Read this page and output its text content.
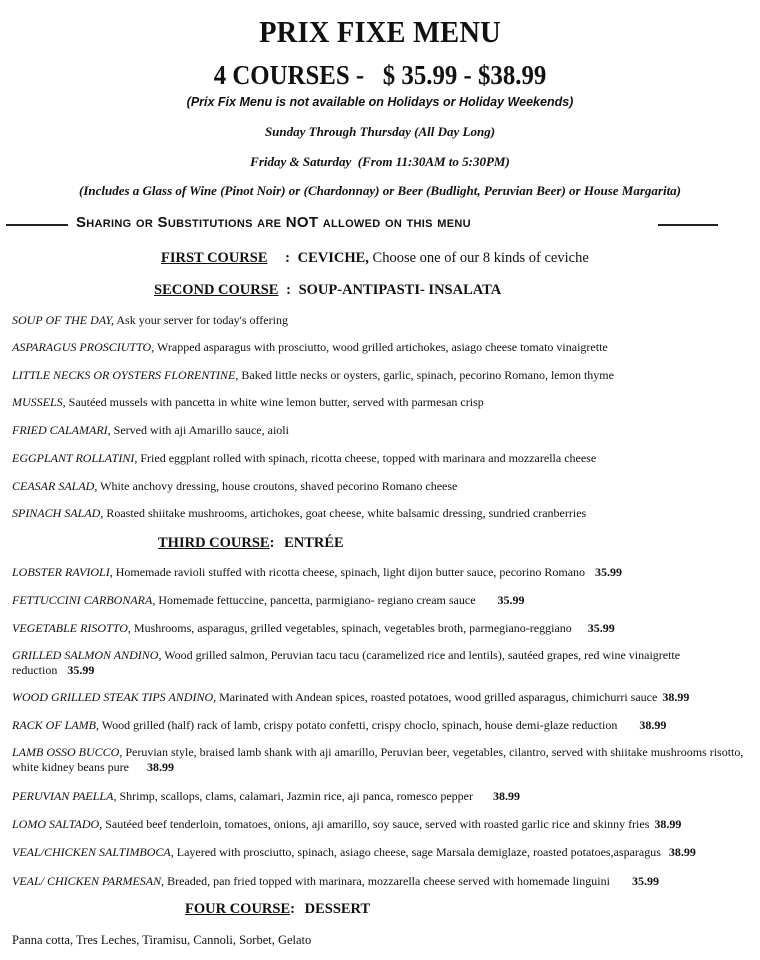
PRIX FIXE MENU
4 COURSES -   $ 35.99 - $38.99
(Prix Fix Menu is not available on Holidays or Holiday Weekends)
Sunday Through Thursday (All Day Long)
Friday & Saturday  (From 11:30AM to 5:30PM)
(Includes a Glass of Wine (Pinot Noir) or (Chardonnay) or Beer (Budlight, Peruvian Beer) or House Margarita)
Sharing or Substitutions are NOT allowed on this menu
FIRST COURSE : CEVICHE, Choose one of our 8 kinds of ceviche
SECOND COURSE : SOUP-ANTIPASTI- INSALATA
SOUP OF THE DAY, Ask your server for today's offering
ASPARAGUS PROSCIUTTO, Wrapped asparagus with prosciutto, wood grilled artichokes, asiago cheese tomato vinaigrette
LITTLE NECKS OR OYSTERS FLORENTINE, Baked little necks or oysters, garlic, spinach, pecorino Romano, lemon thyme
MUSSELS, Sautéed mussels with pancetta in white wine lemon butter, served with parmesan crisp
FRIED CALAMARI, Served with aji Amarillo sauce, aioli
EGGPLANT ROLLATINI, Fried eggplant rolled with spinach, ricotta cheese, topped with marinara and mozzarella cheese
CEASAR SALAD, White anchovy dressing, house croutons, shaved pecorino Romano cheese
SPINACH SALAD, Roasted shiitake mushrooms, artichokes, goat cheese, white balsamic dressing, sundried cranberries
THIRD COURSE: ENTRÉE
LOBSTER RAVIOLI, Homemade ravioli stuffed with ricotta cheese, spinach, light dijon butter sauce, pecorino Romano 35.99
FETTUCCINI CARBONARA, Homemade fettuccine, pancetta, parmigiano- regiano cream sauce 35.99
VEGETABLE RISOTTO, Mushrooms, asparagus, grilled vegetables, spinach, vegetables broth, parmegiano-reggiano 35.99
GRILLED SALMON ANDINO, Wood grilled salmon, Peruvian tacu tacu (caramelized rice and lentils), sautéed grapes, red wine vinaigrette reduction 35.99
WOOD GRILLED STEAK TIPS ANDINO, Marinated with Andean spices, roasted potatoes, wood grilled asparagus, chimichurri sauce 38.99
RACK OF LAMB, Wood grilled (half) rack of lamb, crispy potato confetti, crispy choclo, spinach, house demi-glaze reduction 38.99
LAMB OSSO BUCCO, Peruvian style, braised lamb shank with aji amarillo, Peruvian beer, vegetables, cilantro, served with shiitake mushrooms risotto, white kidney beans pure 38.99
PERUVIAN PAELLA, Shrimp, scallops, clams, calamari, Jazmin rice, aji panca, romesco pepper 38.99
LOMO SALTADO, Sautéed beef tenderloin, tomatoes, onions, aji amarillo, soy sauce, served with roasted garlic rice and skinny fries 38.99
VEAL/CHICKEN SALTIMBOCA, Layered with prosciutto, spinach, asiago cheese, sage Marsala demiglaze, roasted potatoes,asparagus 38.99
VEAL/ CHICKEN PARMESAN, Breaded, pan fried topped with marinara, mozzarella cheese served with homemade linguini 35.99
FOUR COURSE: DESSERT
Panna cotta, Tres Leches, Tiramisu, Cannoli, Sorbet, Gelato
